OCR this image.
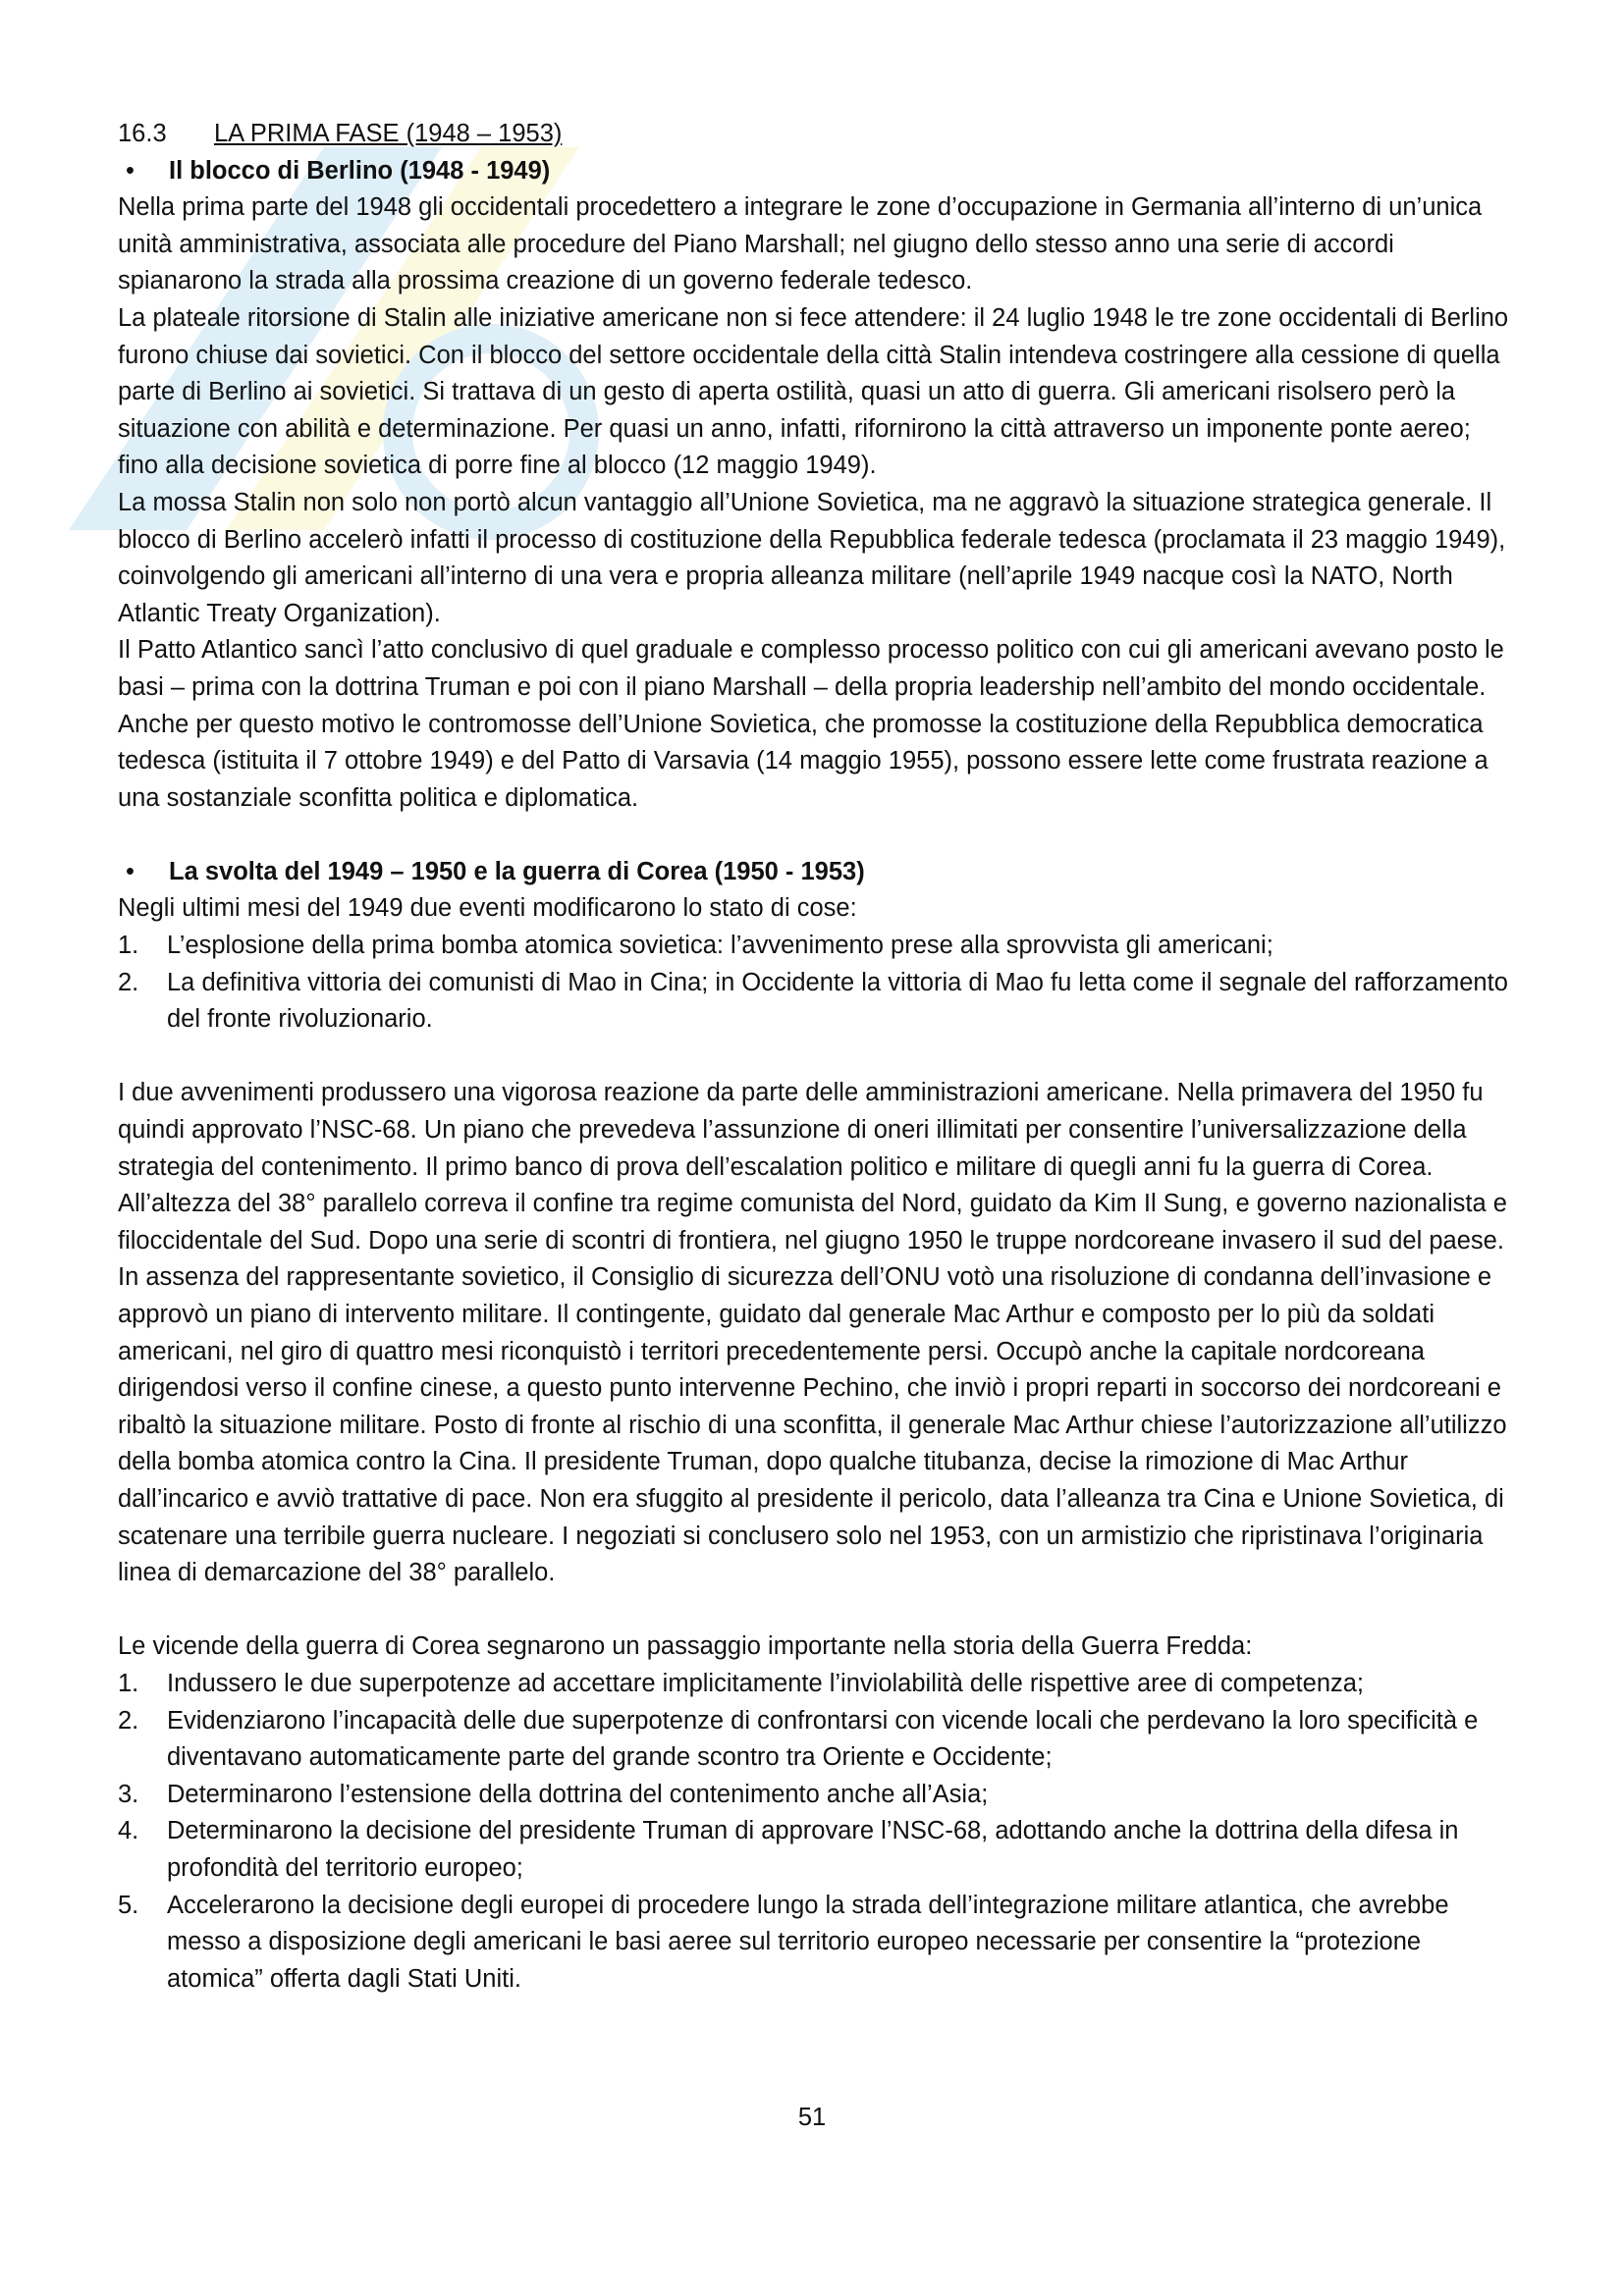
16.3 LA PRIMA FASE (1948 – 1953)
• Il blocco di Berlino (1948 - 1949)

Nella prima parte del 1948 gli occidentali procedettero a integrare le zone d’occupazione in Germania all’interno di un’unica unità amministrativa, associata alle procedure del Piano Marshall; nel giugno dello stesso anno una serie di accordi spianarono la strada alla prossima creazione di un governo federale tedesco.

La plateale ritorsione di Stalin alle iniziative americane non si fece attendere: il 24 luglio 1948 le tre zone occidentali di Berlino furono chiuse dai sovietici. Con il blocco del settore occidentale della città Stalin intendeva costringere alla cessione di quella parte di Berlino ai sovietici. Si trattava di un gesto di aperta ostilità, quasi un atto di guerra. Gli americani risolsero però la situazione con abilità e determinazione. Per quasi un anno, infatti, rifornirono la città attraverso un imponente ponte aereo; fino alla decisione sovietica di porre fine al blocco (12 maggio 1949).

La mossa Stalin non solo non portò alcun vantaggio all’Unione Sovietica, ma ne aggravò la situazione strategica generale. Il blocco di Berlino accelerò infatti il processo di costituzione della Repubblica federale tedesca (proclamata il 23 maggio 1949), coinvolgendo gli americani all’interno di una vera e propria alleanza militare (nell’aprile 1949 nacque così la NATO, North Atlantic Treaty Organization).

Il Patto Atlantico sancì l’atto conclusivo di quel graduale e complesso processo politico con cui gli americani avevano posto le basi – prima con la dottrina Truman e poi con il piano Marshall – della propria leadership nell’ambito del mondo occidentale. Anche per questo motivo le contromosse dell’Unione Sovietica, che promosse la costituzione della Repubblica democratica tedesca (istituita il 7 ottobre 1949) e del Patto di Varsavia (14 maggio 1955), possono essere lette come frustrata reazione a una sostanziale sconfitta politica e diplomatica.

• La svolta del 1949 – 1950 e la guerra di Corea (1950 - 1953)

Negli ultimi mesi del 1949 due eventi modificarono lo stato di cose:

1. L’esplosione della prima bomba atomica sovietica: l’avvenimento prese alla sprovvista gli americani;
2. La definitiva vittoria dei comunisti di Mao in Cina; in Occidente la vittoria di Mao fu letta come il segnale del rafforzamento del fronte rivoluzionario.

I due avvenimenti produssero una vigorosa reazione da parte delle amministrazioni americane. Nella primavera del 1950 fu quindi approvato l’NSC-68. Un piano che prevedeva l’assunzione di oneri illimitati per consentire l’universalizzazione della strategia del contenimento. Il primo banco di prova dell’escalation politico e militare di quegli anni fu la guerra di Corea.

All’altezza del 38° parallelo correva il confine tra regime comunista del Nord, guidato da Kim Il Sung, e governo nazionalista e filoccidentale del Sud. Dopo una serie di scontri di frontiera, nel giugno 1950 le truppe nordcoreane invasero il sud del paese. In assenza del rappresentante sovietico, il Consiglio di sicurezza dell’ONU votò una risoluzione di condanna dell’invasione e approvò un piano di intervento militare. Il contingente, guidato dal generale Mac Arthur e composto per lo più da soldati americani, nel giro di quattro mesi riconquistò i territori precedentemente persi. Occupò anche la capitale nordcoreana dirigendosi verso il confine cinese, a questo punto intervenne Pechino, che inviò i propri reparti in soccorso dei nordcoreani e ribaltò la situazione militare. Posto di fronte al rischio di una sconfitta, il generale Mac Arthur chiese l’autorizzazione all’utilizzo della bomba atomica contro la Cina. Il presidente Truman, dopo qualche titubanza, decise la rimozione di Mac Arthur dall’incarico e avviò trattative di pace. Non era sfuggito al presidente il pericolo, data l’alleanza tra Cina e Unione Sovietica, di scatenare una terribile guerra nucleare. I negoziati si conclusero solo nel 1953, con un armistizio che ripristinava l’originaria linea di demarcazione del 38° parallelo.

Le vicende della guerra di Corea segnarono un passaggio importante nella storia della Guerra Fredda:

1. Indussero le due superpotenze ad accettare implicitamente l’inviolabilità delle rispettive aree di competenza;
2. Evidenziarono l’incapacità delle due superpotenze di confrontarsi con vicende locali che perdevano la loro specificità e diventavano automaticamente parte del grande scontro tra Oriente e Occidente;
3. Determinarono l’estensione della dottrina del contenimento anche all’Asia;
4. Determinarono la decisione del presidente Truman di approvare l’NSC-68, adottando anche la dottrina della difesa in profondità del territorio europeo;
5. Accelerarono la decisione degli europei di procedere lungo la strada dell’integrazione militare atlantica, che avrebbe messo a disposizione degli americani le basi aeree sul territorio europeo necessarie per consentire la “protezione atomica” offerta dagli Stati Uniti.
51
